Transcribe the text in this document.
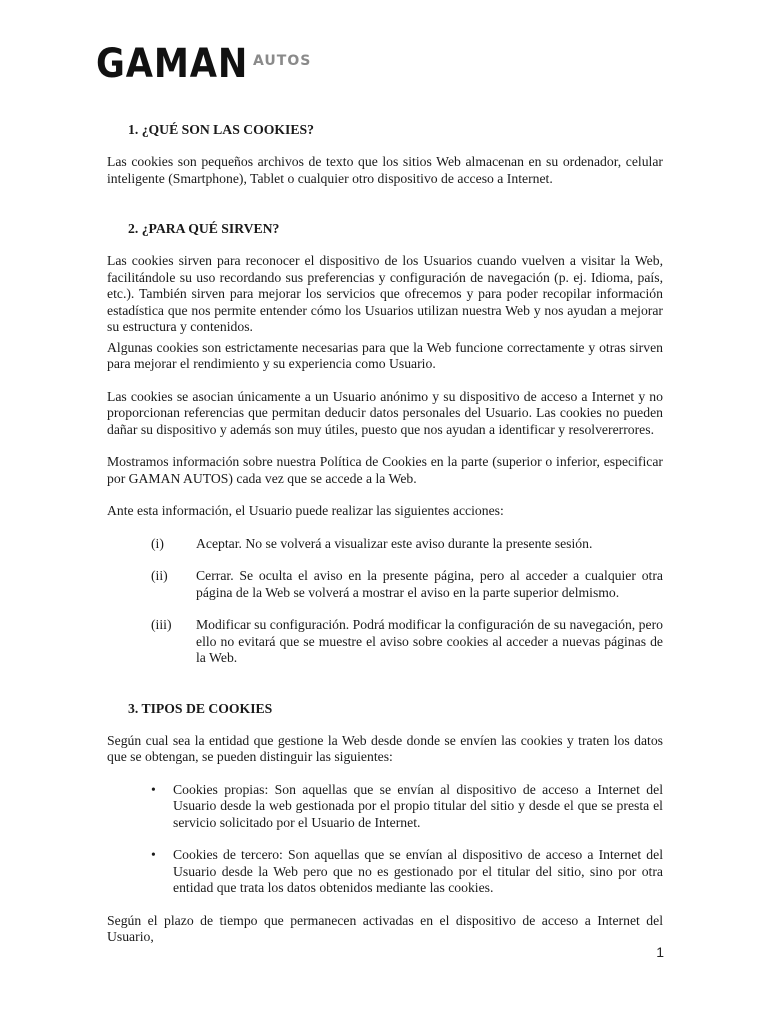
GAMAN AUTOS
1. ¿QUÉ SON LAS COOKIES?

Las cookies son pequeños archivos de texto que los sitios Web almacenan en su ordenador, celular inteligente (Smartphone), Tablet o cualquier otro dispositivo de acceso a Internet.

2. ¿PARA QUÉ SIRVEN?

Las cookies sirven para reconocer el dispositivo de los Usuarios cuando vuelven a visitar la Web, facilitándole su uso recordando sus preferencias y configuración de navegación (p. ej. Idioma, país, etc.). También sirven para mejorar los servicios que ofrecemos y para poder recopilar información estadística que nos permite entender cómo los Usuarios utilizan nuestra Web y nos ayudan a mejorar su estructura y contenidos.

Algunas cookies son estrictamente necesarias para que la Web funcione correctamente y otras sirven para mejorar el rendimiento y su experiencia como Usuario.

Las cookies se asocian únicamente a un Usuario anónimo y su dispositivo de acceso a Internet y no proporcionan referencias que permitan deducir datos personales del Usuario. Las cookies no pueden dañar su dispositivo y además son muy útiles, puesto que nos ayudan a identificar y resolvererrores.

Mostramos información sobre nuestra Política de Cookies en la parte (superior o inferior, especificar por GAMAN AUTOS) cada vez que se accede a la Web.

Ante esta información, el Usuario puede realizar las siguientes acciones:

(i)	Aceptar. No se volverá a visualizar este aviso durante la presente sesión.
(ii)	Cerrar. Se oculta el aviso en la presente página, pero al acceder a cualquier otra página de la Web se volverá a mostrar el aviso en la parte superior delmismo.
(iii)	Modificar su configuración. Podrá modificar la configuración de su navegación, pero ello no evitará que se muestre el aviso sobre cookies al acceder a nuevas páginas de la Web.
3. TIPOS DE COOKIES

Según cual sea la entidad que gestione la Web desde donde se envíen las cookies y traten los datos que se obtengan, se pueden distinguir las siguientes:

•	Cookies propias: Son aquellas que se envían al dispositivo de acceso a Internet del Usuario desde la web gestionada por el propio titular del sitio y desde el que se presta el servicio solicitado por el Usuario de Internet.
•	Cookies de tercero: Son aquellas que se envían al dispositivo de acceso a Internet del Usuario desde la Web pero que no es gestionado por el titular del sitio, sino por otra entidad que trata los datos obtenidos mediante las cookies.

Según el plazo de tiempo que permanecen activadas en el dispositivo de acceso a Internet del Usuario,

1
